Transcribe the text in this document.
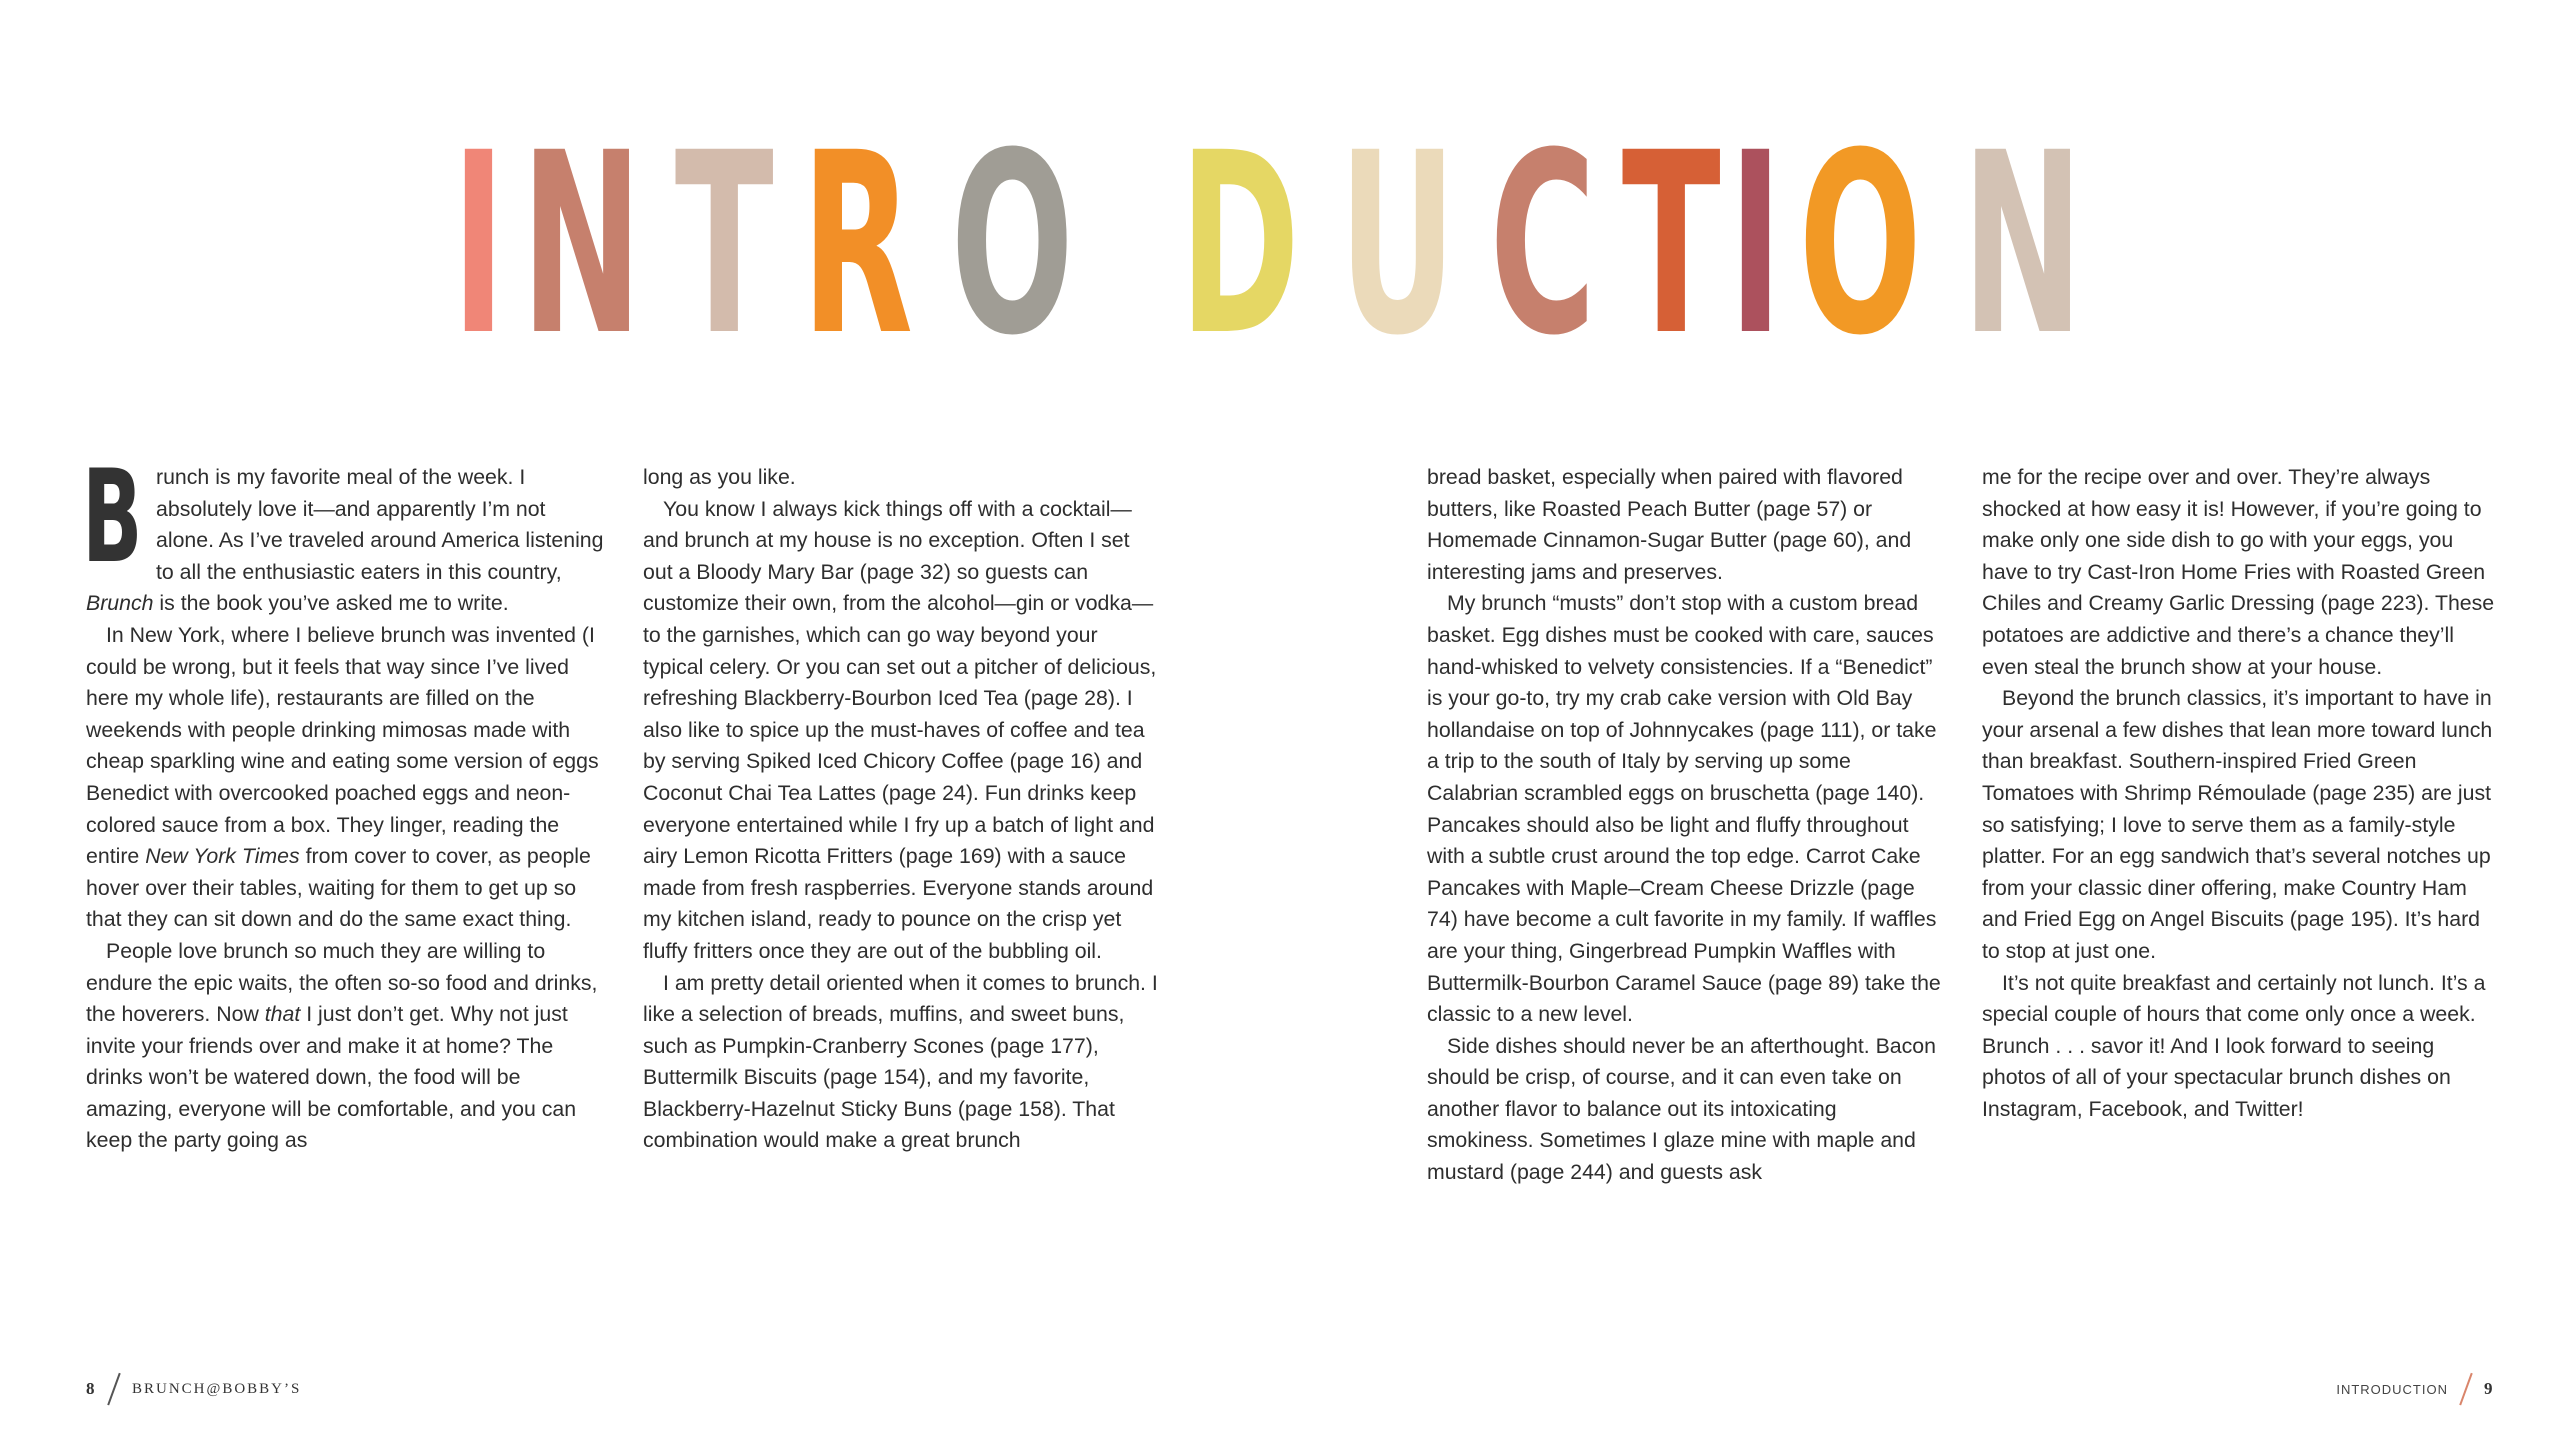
I N T R O D U C T I O N

Brunch is my favorite meal of the week. I absolutely love it—and apparently I’m not alone. As I’ve traveled around America listening to all the enthusiastic eaters in this country, Brunch is the book you’ve asked me to write.

In New York, where I believe brunch was invented (I could be wrong, but it feels that way since I’ve lived here my whole life), restaurants are filled on the weekends with people drinking mimosas made with cheap sparkling wine and eating some version of eggs Benedict with overcooked poached eggs and neon-colored sauce from a box. They linger, reading the entire New York Times from cover to cover, as people hover over their tables, waiting for them to get up so that they can sit down and do the same exact thing.

People love brunch so much they are willing to endure the epic waits, the often so-so food and drinks, the hoverers. Now that I just don’t get. Why not just invite your friends over and make it at home? The drinks won’t be watered down, the food will be amazing, everyone will be comfortable, and you can keep the party going as

long as you like.

You know I always kick things off with a cocktail—and brunch at my house is no exception. Often I set out a Bloody Mary Bar (page 32) so guests can customize their own, from the alcohol—gin or vodka—to the garnishes, which can go way beyond your typical celery. Or you can set out a pitcher of delicious, refreshing Blackberry-Bourbon Iced Tea (page 28). I also like to spice up the must-haves of coffee and tea by serving Spiked Iced Chicory Coffee (page 16) and Coconut Chai Tea Lattes (page 24). Fun drinks keep everyone entertained while I fry up a batch of light and airy Lemon Ricotta Fritters (page 169) with a sauce made from fresh raspberries. Everyone stands around my kitchen island, ready to pounce on the crisp yet fluffy fritters once they are out of the bubbling oil.

I am pretty detail oriented when it comes to brunch. I like a selection of breads, muffins, and sweet buns, such as Pumpkin-Cranberry Scones (page 177), Buttermilk Biscuits (page 154), and my favorite, Blackberry-Hazelnut Sticky Buns (page 158). That combination would make a great brunch

bread basket, especially when paired with flavored butters, like Roasted Peach Butter (page 57) or Homemade Cinnamon-Sugar Butter (page 60), and interesting jams and preserves.

My brunch “musts” don’t stop with a custom bread basket. Egg dishes must be cooked with care, sauces hand-whisked to velvety consistencies. If a “Benedict” is your go-to, try my crab cake version with Old Bay hollandaise on top of Johnnycakes (page 111), or take a trip to the south of Italy by serving up some Calabrian scrambled eggs on bruschetta (page 140). Pancakes should also be light and fluffy throughout with a subtle crust around the top edge. Carrot Cake Pancakes with Maple–Cream Cheese Drizzle (page 74) have become a cult favorite in my family. If waffles are your thing, Gingerbread Pumpkin Waffles with Buttermilk-Bourbon Caramel Sauce (page 89) take the classic to a new level.

Side dishes should never be an afterthought. Bacon should be crisp, of course, and it can even take on another flavor to balance out its intoxicating smokiness. Sometimes I glaze mine with maple and mustard (page 244) and guests ask

me for the recipe over and over. They’re always shocked at how easy it is! However, if you’re going to make only one side dish to go with your eggs, you have to try Cast-Iron Home Fries with Roasted Green Chiles and Creamy Garlic Dressing (page 223). These potatoes are addictive and there’s a chance they’ll even steal the brunch show at your house.

Beyond the brunch classics, it’s important to have in your arsenal a few dishes that lean more toward lunch than breakfast. Southern-inspired Fried Green Tomatoes with Shrimp Rémoulade (page 235) are just so satisfying; I love to serve them as a family-style platter. For an egg sandwich that’s several notches up from your classic diner offering, make Country Ham and Fried Egg on Angel Biscuits (page 195). It’s hard to stop at just one.

It’s not quite breakfast and certainly not lunch. It’s a special couple of hours that come only once a week. Brunch . . . savor it! And I look forward to seeing photos of all of your spectacular brunch dishes on Instagram, Facebook, and Twitter!

8 BRUNCH@BOBBY’S	INTRODUCTION 9
